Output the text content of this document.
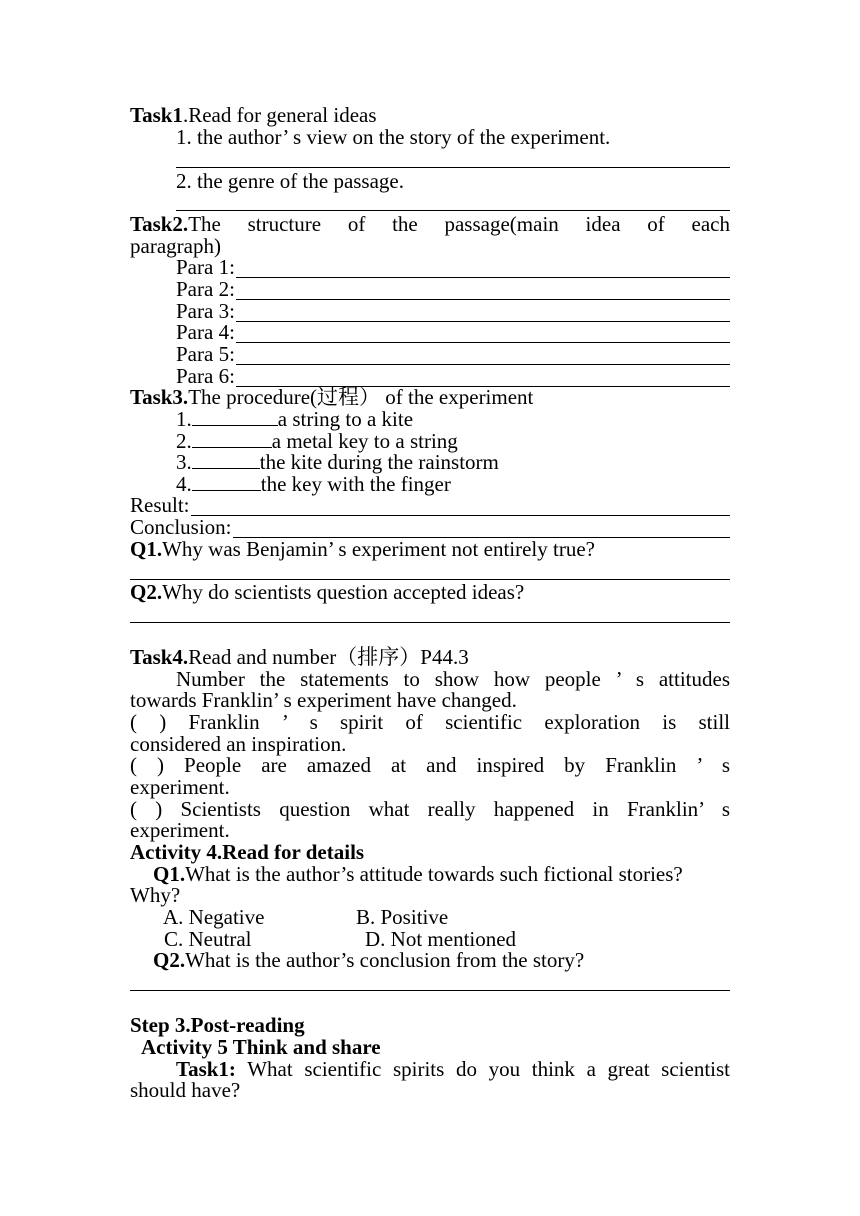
Task1.Read for general ideas
1. the author’ s view on the story of the experiment.
2. the genre of the passage.
Task2.The structure of the passage(main idea of each
paragraph)
Para 1:
Para 2:
Para 3:
Para 4:
Para 5:
Para 6:
Task3.The procedure(过程） of the experiment
1.	a string to a kite
2.	a metal key to a string
3.	the kite during the rainstorm
4.	the key with the finger
Result:
Conclusion:
Q1.Why was Benjamin’ s experiment not entirely true?
Q2.Why do scientists question accepted ideas?
Task4.Read and number（排序）P44.3
Number the statements to show how people ’ s attitudes
towards Franklin’ s experiment have changed.
( ) Franklin ’ s spirit of scientific exploration is still
considered an inspiration.
( ) People are amazed at and inspired by Franklin ’ s
experiment.
( ) Scientists question what really happened in Franklin’ s
experiment.
Activity 4.Read for details
Q1.What is the author’s attitude towards such fictional stories?
Why?
A. Negative	B. Positive
C. Neutral	D. Not mentioned
Q2.What is the author’s conclusion from the story?
Step 3.Post-reading
Activity 5 Think and share
Task1: What scientific spirits do you think a great scientist
should have?
